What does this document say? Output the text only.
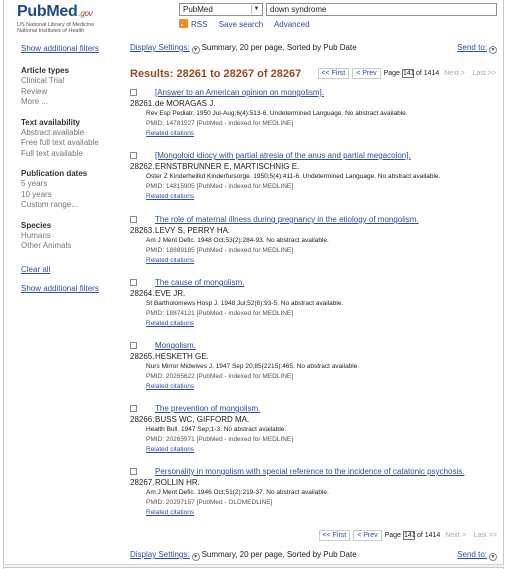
PubMed.gov
US National Library of Medicine
National Institutes of Health
PubMed	▼	down syndrome
RSS Save search Advanced
Show additional filters
Article types
Clinical Trial
Review
More ...
Text availability
Abstract available
Free full text available
Full text available
Publication dates
5 years
10 years
Custom range...
Species
Humans
Other Animals
Clear all
Show additional filters
Display Settings: ▼ Summary, 20 per page, Sorted by Pub Date	Send to: ▼
Results: 28261 to 28267 of 28267	<< First < Prev Page 141of 1414 Next > Last >>
28261.
[Answer to an American opinion on mongolism].
de MORAGAS J.
Rev Esp Pediatr. 1950 Jul-Aug;6(4):513-6. Undetermined Language. No abstract available.
PMID: 14781527 [PubMed - indexed for MEDLINE]
Related citations
28262.
[Mongoloid idiocy with partial atresia of the anus and partial megacolon].
ERNSTBRUNNER E, MARTISCHNIG E.
Oster Z Kinderheilkd Kinderfursorge. 1950;5(4):411-6. Undetermined Language. No abstract available.
PMID: 14815905 [PubMed - indexed for MEDLINE]
Related citations
28263.
The role of maternal illness during pregnancy in the etiology of mongolism.
LEVY S, PERRY HA.
Am J Ment Defic. 1948 Oct;53(2):284-93. No abstract available.
PMID: 18889185 [PubMed - indexed for MEDLINE]
Related citations
28264.
The cause of mongolism.
EVE JR.
St Bartholomews Hosp J. 1948 Jul;52(6):93-5. No abstract available.
PMID: 18874121 [PubMed - indexed for MEDLINE]
Related citations
28265.
Mongolism.
HESKETH GE.
Nurs Mirror Midwives J. 1947 Sep 20;85(2215):465. No abstract available.
PMID: 20265622 [PubMed - indexed for MEDLINE]
Related citations
28266.
The prevention of mongolism.
BUSS WC, GIFFORD MA.
Health Bull. 1947 Sep;1-3. No abstract available.
PMID: 20265971 [PubMed - indexed for MEDLINE]
Related citations
28267.
Personality in mongolism with special reference to the incidence of catatonic psychosis.
ROLLIN HR.
Am J Ment Defic. 1946 Oct;51(2):219-37. No abstract available.
PMID: 20297157 [PubMed - OLDMEDLINE]
Related citations
<< First < Prev Page 141of 1414 Next > Last >>
Display Settings: ▼ Summary, 20 per page, Sorted by Pub Date	Send to: ▼
